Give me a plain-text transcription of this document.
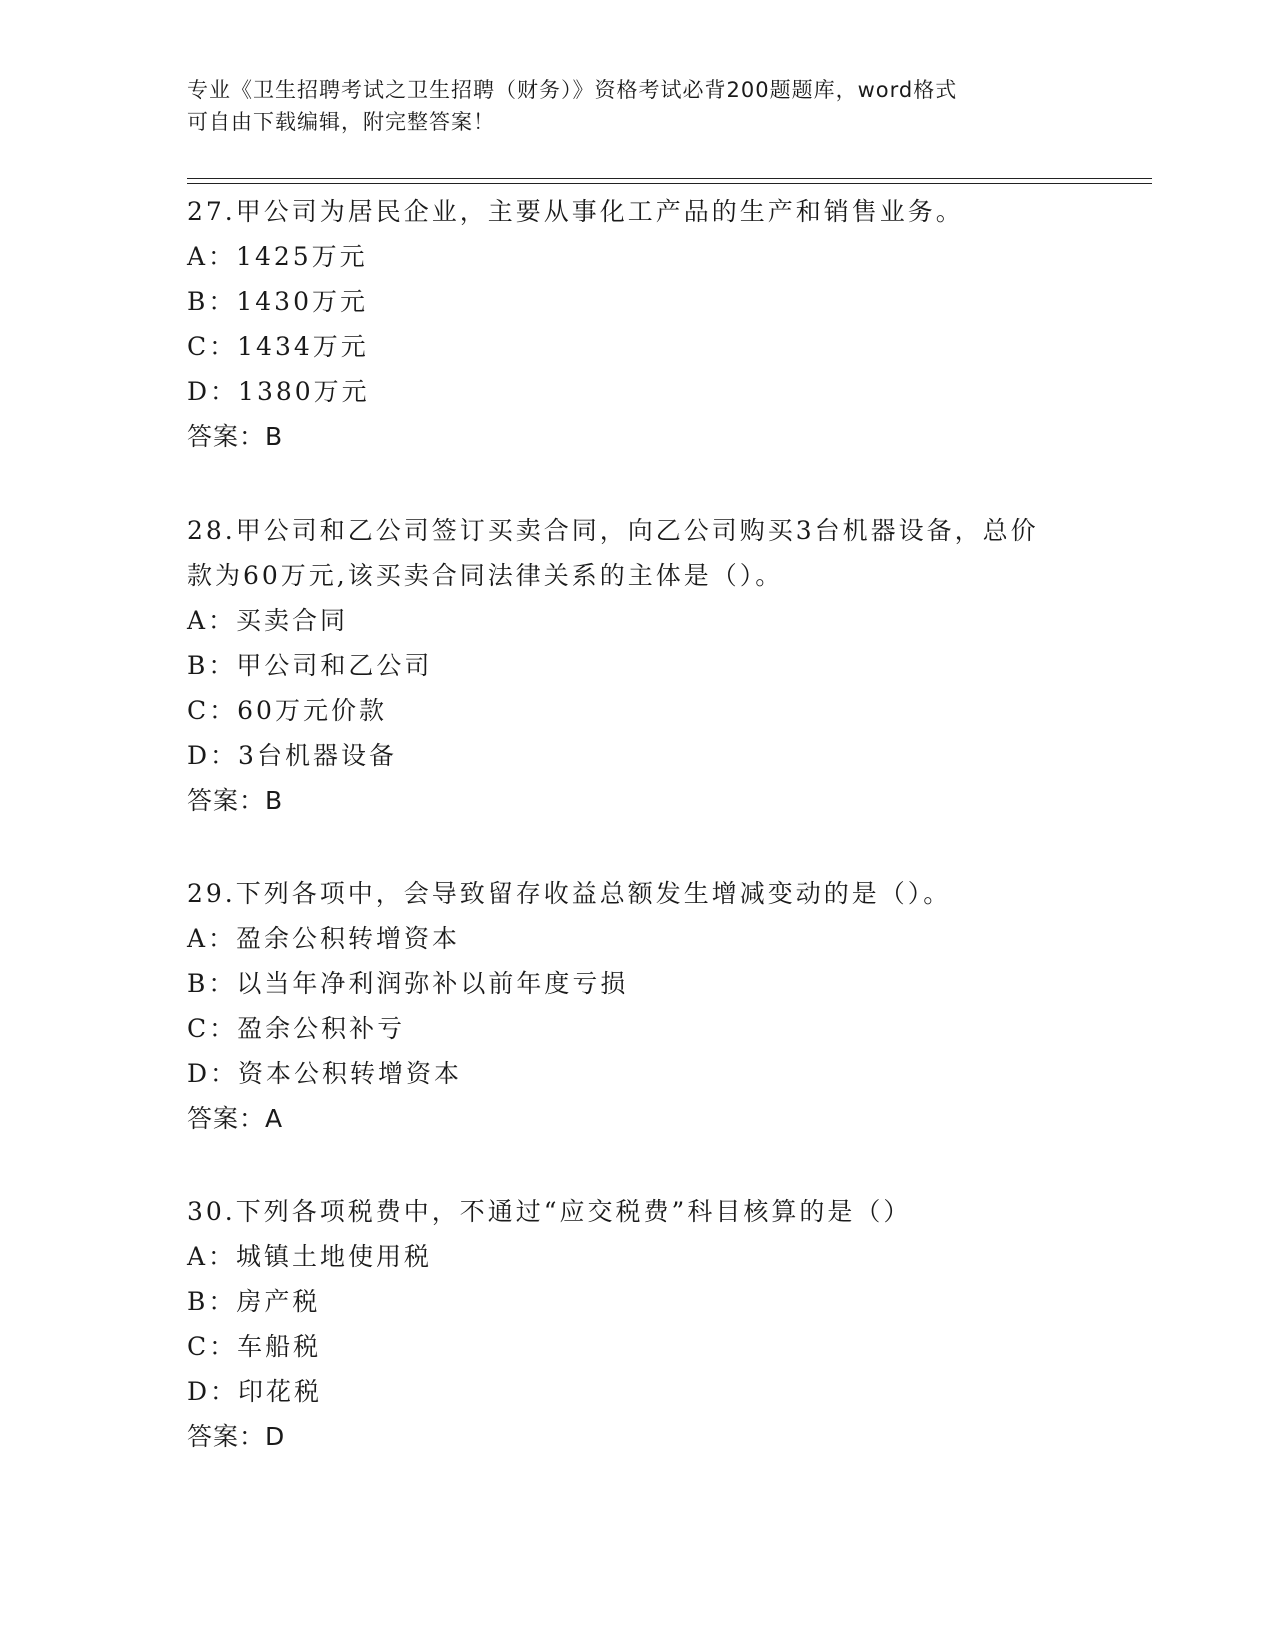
专业《卫生招聘考试之卫生招聘（财务）》资格考试必背200题题库，word格式
可自由下载编辑，附完整答案！

27.甲公司为居民企业，主要从事化工产品的生产和销售业务。

A：1425万元

B：1430万元

C：1434万元

D：1380万元

答案：B

28.甲公司和乙公司签订买卖合同，向乙公司购买3台机器设备，总价

款为60万元,该买卖合同法律关系的主体是（）。

A：买卖合同

B：甲公司和乙公司

C：60万元价款

D：3台机器设备

答案：B

29.下列各项中，会导致留存收益总额发生增减变动的是（）。

A：盈余公积转增资本

B：以当年净利润弥补以前年度亏损

C：盈余公积补亏

D：资本公积转增资本

答案：A

30.下列各项税费中，不通过“应交税费”科目核算的是（）

A：城镇土地使用税

B：房产税

C：车船税

D：印花税

答案：D
